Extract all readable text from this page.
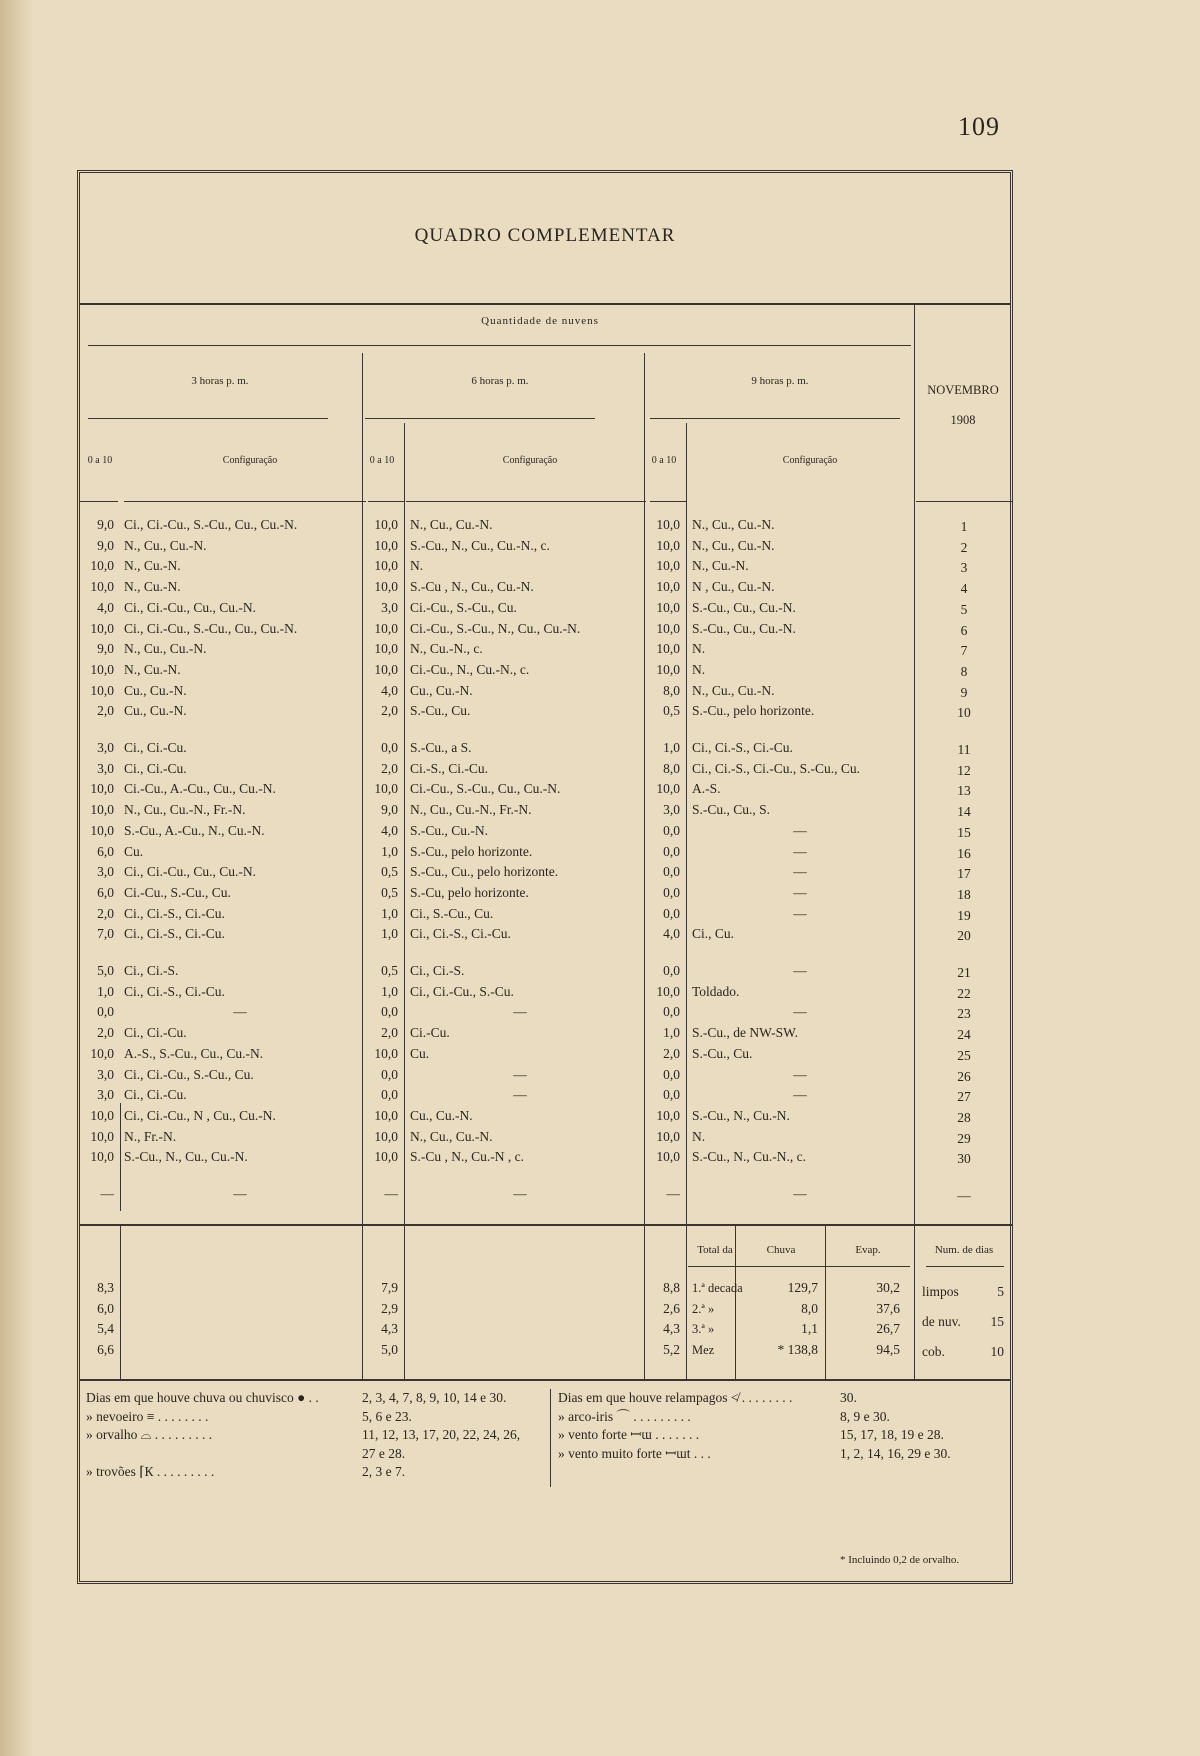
109
QUADRO COMPLEMENTAR
Quantidade de nuvens
3 horas p. m.	6 horas p. m.	9 horas p. m.
NOVEMBRO
1908
0 a 10	Configuração	0 a 10	Configuração	0 a 10	Configuração
9,0 Ci., Ci.-Cu., S.-Cu., Cu., Cu.-N.	10,0 N., Cu., Cu.-N.	10,0 N., Cu., Cu.-N.	1
9,0 N., Cu., Cu.-N.	10,0 S.-Cu., N., Cu., Cu.-N., c.	10,0 N., Cu., Cu.-N.	2
10,0 N., Cu.-N.	10,0 N.	10,0 N., Cu.-N.	3
10,0 N., Cu.-N.	10,0 S.-Cu , N., Cu., Cu.-N.	10,0 N , Cu., Cu.-N.	4
4,0 Ci., Ci.-Cu., Cu., Cu.-N.	3,0 Ci.-Cu., S.-Cu., Cu.	10,0 S.-Cu., Cu., Cu.-N.	5
10,0 Ci., Ci.-Cu., S.-Cu., Cu., Cu.-N.	10,0 Ci.-Cu., S.-Cu., N., Cu., Cu.-N.	10,0 S.-Cu., Cu., Cu.-N.	6
9,0 N., Cu., Cu.-N.	10,0 N., Cu.-N., c.	10,0 N.	7
10,0 N., Cu.-N.	10,0 Ci.-Cu., N., Cu.-N., c.	10,0 N.	8
10,0 Cu., Cu.-N.	4,0 Cu., Cu.-N.	8,0 N., Cu., Cu.-N.	9
2,0 Cu., Cu.-N.	2,0 S.-Cu., Cu.	0,5 S.-Cu., pelo horizonte.	10
3,0 Ci., Ci.-Cu.	0,0 S.-Cu., a S.	1,0 Ci., Ci.-S., Ci.-Cu.	11
3,0 Ci., Ci.-Cu.	2,0 Ci.-S., Ci.-Cu.	8,0 Ci., Ci.-S., Ci.-Cu., S.-Cu., Cu.	12
10,0 Ci.-Cu., A.-Cu., Cu., Cu.-N.	10,0 Ci.-Cu., S.-Cu., Cu., Cu.-N.	10,0 A.-S.	13
10,0 N., Cu., Cu.-N., Fr.-N.	9,0 N., Cu., Cu.-N., Fr.-N.	3,0 S.-Cu., Cu., S.	14
10,0 S.-Cu., A.-Cu., N., Cu.-N.	4,0 S.-Cu., Cu.-N.	0,0	—	15
6,0 Cu.	1,0 S.-Cu., pelo horizonte.	0,0	—	16
3,0 Ci., Ci.-Cu., Cu., Cu.-N.	0,5 S.-Cu., Cu., pelo horizonte.	0,0	—	17
6,0 Ci.-Cu., S.-Cu., Cu.	0,5 S.-Cu, pelo horizonte.	0,0	—	18
2,0 Ci., Ci.-S., Ci.-Cu.	1,0 Ci., S.-Cu., Cu.	0,0	—	19
7,0 Ci., Ci.-S., Ci.-Cu.	1,0 Ci., Ci.-S., Ci.-Cu.	4,0 Ci., Cu.	20
5,0 Ci., Ci.-S.	0,5 Ci., Ci.-S.	0,0	—	21
1,0 Ci., Ci.-S., Ci.-Cu.	1,0 Ci., Ci.-Cu., S.-Cu.	10,0 Toldado.	22
0,0	—	0,0	—	0,0	—	23
2,0 Ci., Ci.-Cu.	2,0 Ci.-Cu.	1,0 S.-Cu., de NW-SW.	24
10,0 A.-S., S.-Cu., Cu., Cu.-N.	10,0 Cu.	2,0 S.-Cu., Cu.	25
3,0 Ci., Ci.-Cu., S.-Cu., Cu.	0,0	—	0,0	—	26
3,0 Ci., Ci.-Cu.	0,0	—	0,0	—	27
10,0 Ci., Ci.-Cu., N , Cu., Cu.-N.	10,0 Cu., Cu.-N.	10,0 S.-Cu., N., Cu.-N.	28
10,0 N., Fr.-N.	10,0 N., Cu., Cu.-N.	10,0 N.	29
10,0 S.-Cu., N., Cu., Cu.-N.	10,0 S.-Cu , N., Cu.-N , c.	10,0 S.-Cu., N., Cu.-N., c.	30
—	—	—	—	—	—	—
8,3	7,9	8,8 1.ª decada	129,7	30,2
6,0	2,9	2,6 2.ª »	8,0	37,6
5,4	4,3	4,3 3.ª »	1,1	26,7
6,6	5,0	5,2 Mez	* 138,8	94,5
limpos	5
de nuv.	15
cob.	10
Total da	Chuva	Evap.	Num. de dias
Dias em que houve chuva ou chuvisco ● . .	2, 3, 4, 7, 8, 9, 10, 14 e 30.
» nevoeiro ≡ . . . . . . . .	5, 6 e 23.
» orvalho ⌓ . . . . . . . . .	11, 12, 13, 17, 20, 22, 24, 26,
27 e 28.
» trovões ⌈К . . . . . . . . .	2, 3 e 7.
Dias em que houve relampagos ≮ . . . . . . . .	30.
» arco-iris ⌒ . . . . . . . . .	8, 9 e 30.
» vento forte ꟷɯ . . . . . . .	15, 17, 18, 19 e 28.
» vento muito forte ꟷɯt . . .	1, 2, 14, 16, 29 e 30.
* Incluindo 0,2 de orvalho.
